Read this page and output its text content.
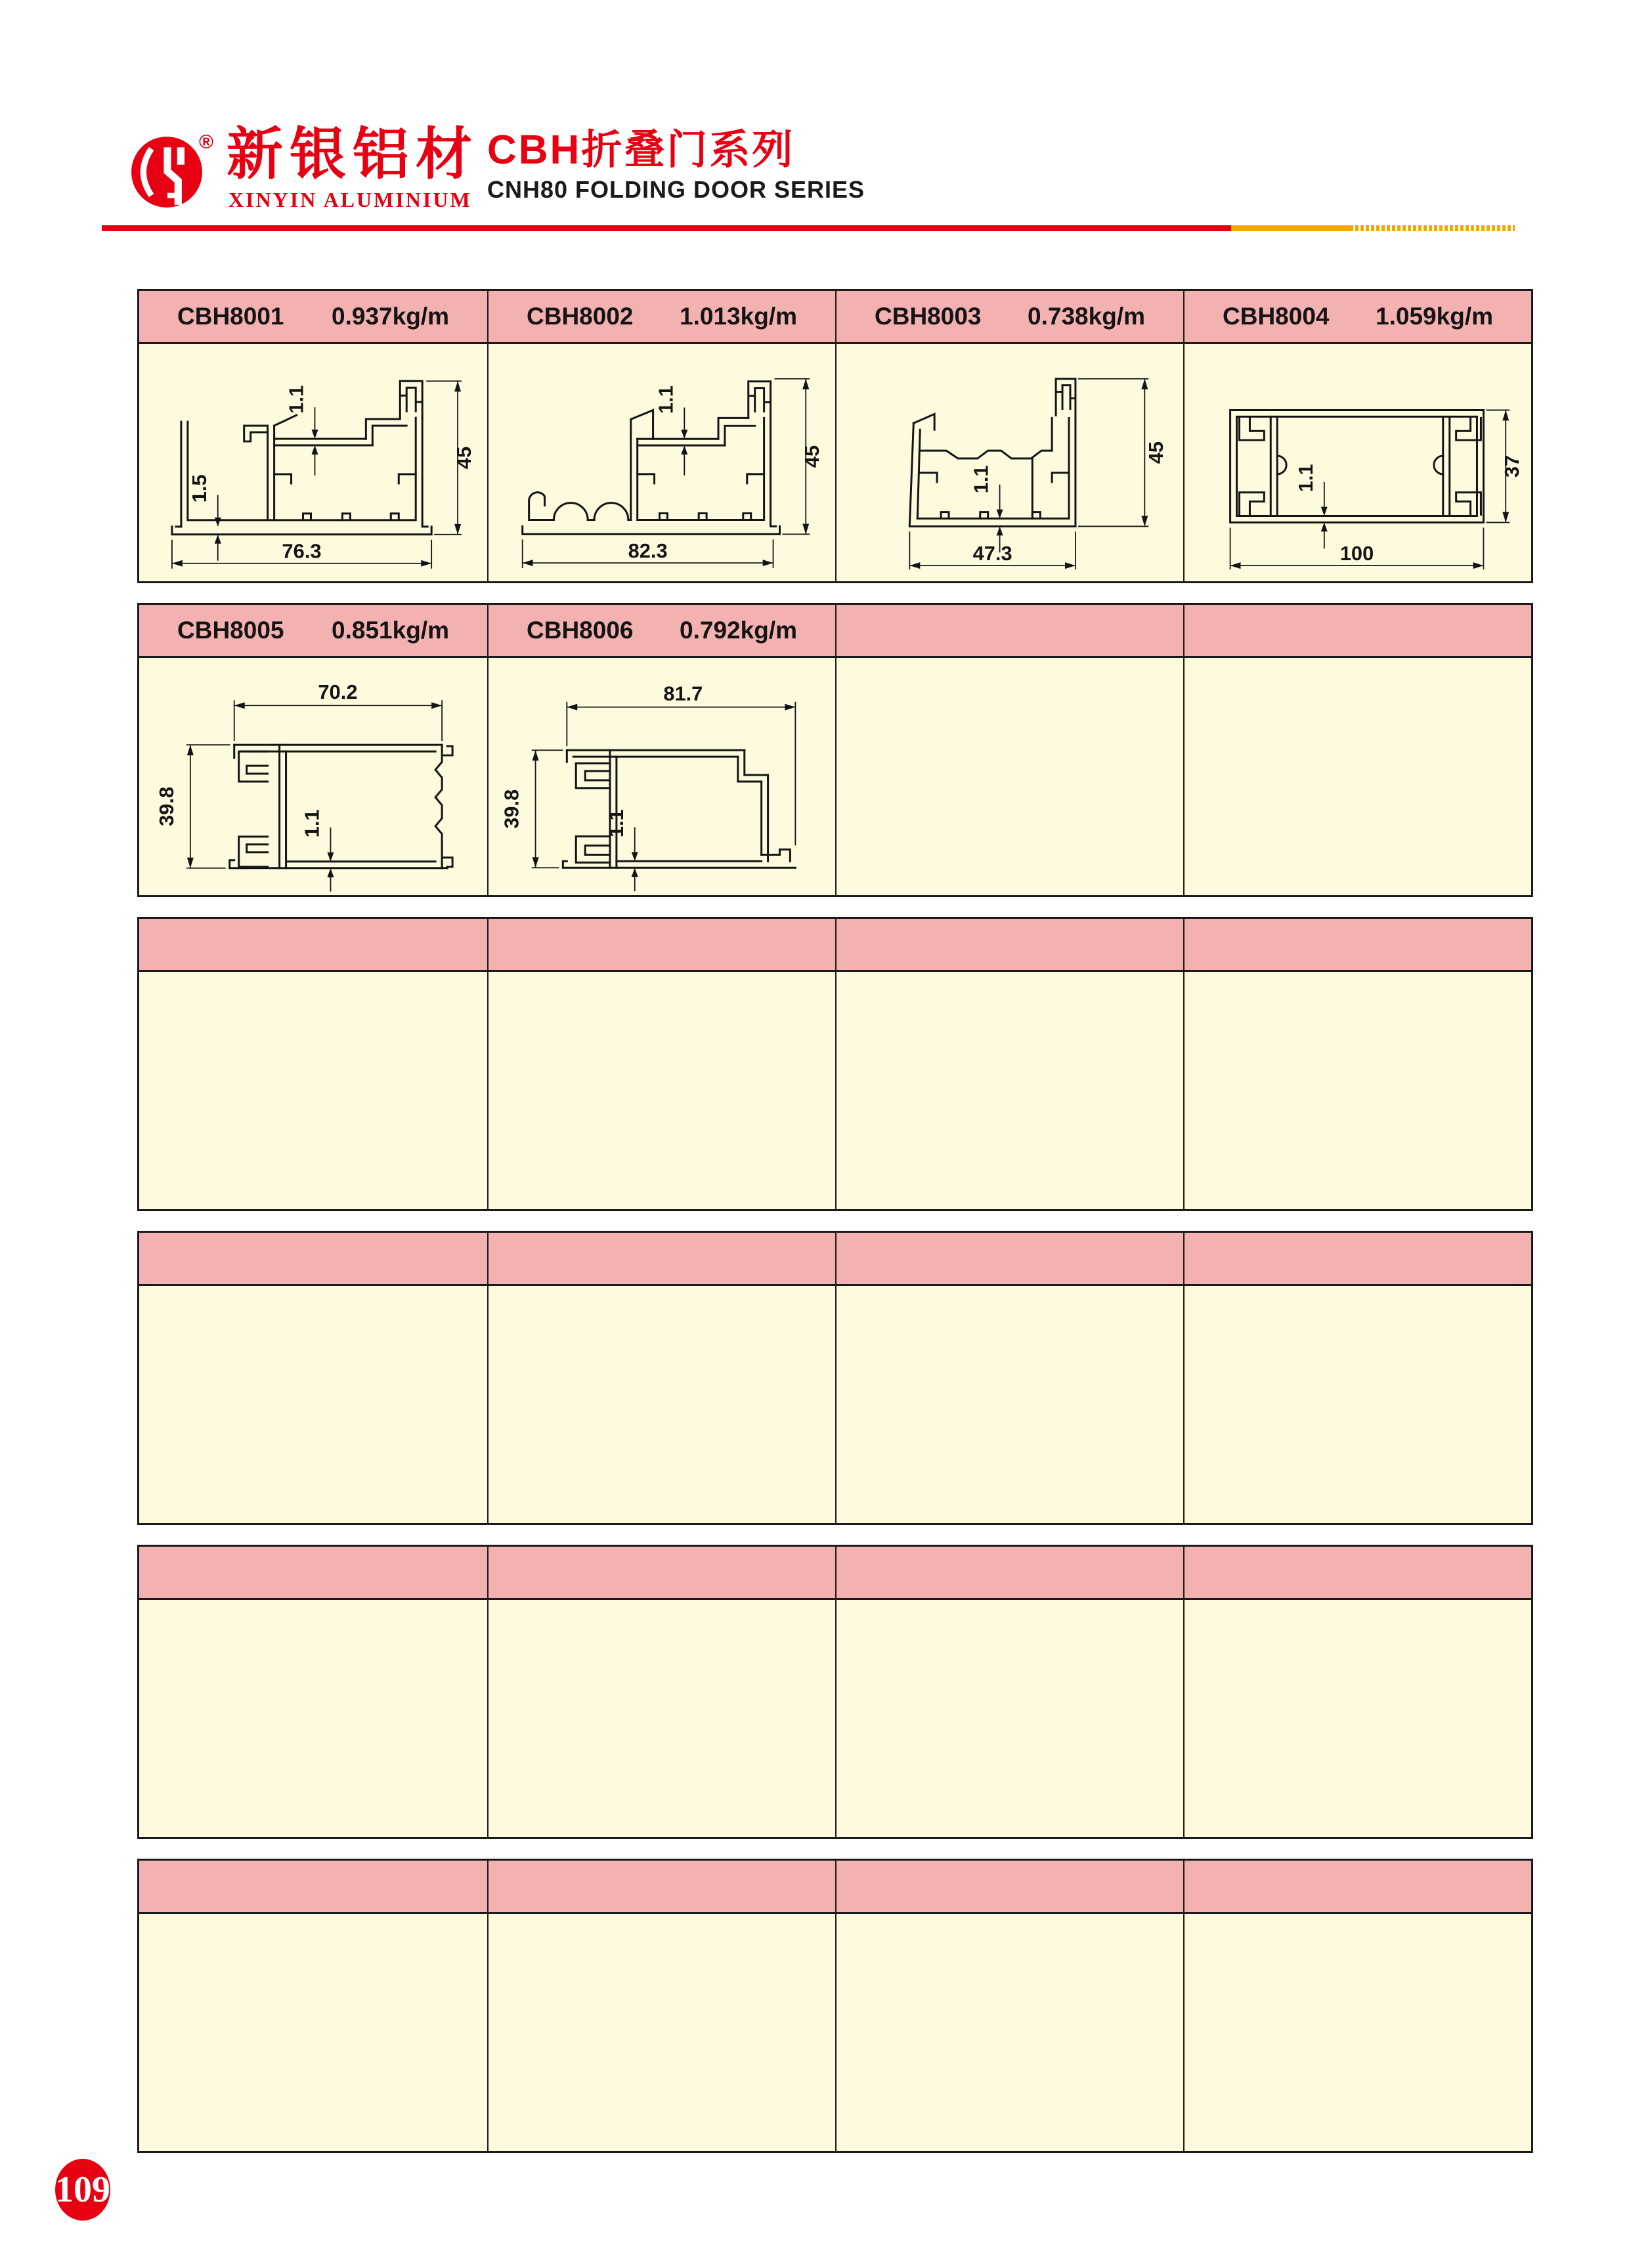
® 新银铝材
XINYIN ALUMINIUM
CBH折叠门系列
CNH80 FOLDING DOOR SERIES
CBH8001 0.937kg/m	CBH8002 1.013kg/m	CBH8003 0.738kg/m	CBH8004 1.059kg/m
76.3
45
1.1
1.5
82.3
45
1.1
47.3
45
1.1
100
37
1.1
CBH8005 0.851kg/m	CBH8006 0.792kg/m
70.2
39.8	1.1
81.7
39.8	1.1
109
